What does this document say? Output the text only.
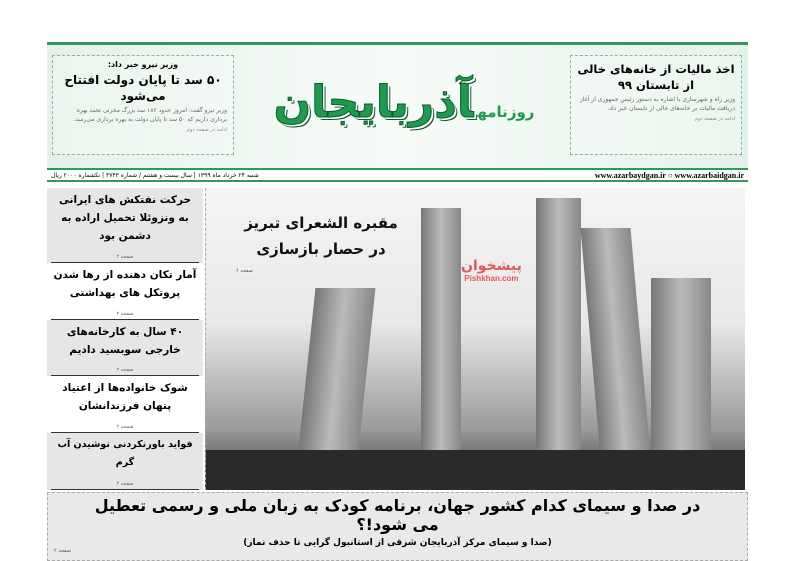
وزیر نیرو خبر داد:
۵۰ سد تا پایان دولت افتتاح می‌شود
وزیر نیرو گفت: امروز حدود ۱۸۶ سد بزرگ مخزنی تحت بهره برداری داریم که ۵۰ سد تا پایان دولت به بهره برداری می‌رسد.
ادامه در صفحه دوم
روزنامهآذربایجان
اخذ مالیات از خانه‌های خالی از تابستان ۹۹
وزیر راه و شهرسازی با اشاره به دستور رئیس جمهوری از آغاز دریافت مالیات بر خانه‌های خالی از تابستان خبر داد.
ادامه در صفحه دوم
شنبه ۲۴ خرداد ماه ۱۳۹۹ | سال بیست و هشتم / شماره ۳۷۴۳ | تکشماره ۲۰۰۰ ریال	www.azarbaydgan.ir ○ www.azarbaidgan.ir
حرکت نفتکش های ایرانی به ونزوئلا تحمیل اراده به دشمن بود
صفحه ۲
آمار تکان دهنده از رها شدن پروتکل های بهداشتی
صفحه ۲
۴۰ سال به کارخانه‌های خارجی سوبسید دادیم
صفحه ۲
شوک خانواده‌ها از اعتیاد پنهان فرزندانشان
صفحه ۲
فواید باورنکردنی نوشیدن آب گرم
صفحه ۲
مقبره الشعرای تبریز
در حصار بازسازی
صفحه ۶	پیشخوان
Pishkhan.com
در صدا و سیمای کدام کشور جهان، برنامه کودک به زبان ملی و رسمی تعطیل می شود!؟
(صدا و سیمای مرکز آذربایجان شرقی از استانبول گرایی تا حذف نماز)
صفحه ۲
